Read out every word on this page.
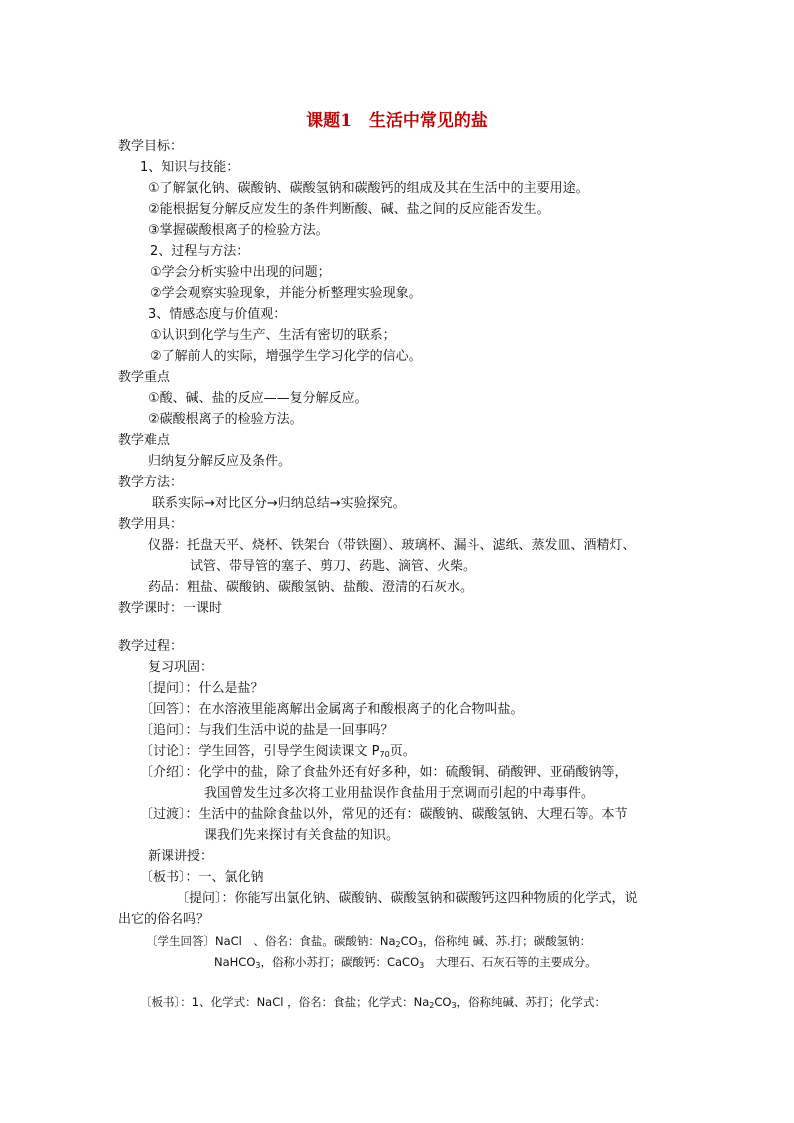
课题1　生活中常见的盐
教学目标：
1、知识与技能：
①了解氯化钠、碳酸钠、碳酸氢钠和碳酸钙的组成及其在生活中的主要用途。
②能根据复分解反应发生的条件判断酸、碱、盐之间的反应能否发生。
③掌握碳酸根离子的检验方法。
2、过程与方法：
①学会分析实验中出现的问题；
②学会观察实验现象，并能分析整理实验现象。
3、情感态度与价值观：
①认识到化学与生产、生活有密切的联系；
②了解前人的实际，增强学生学习化学的信心。
教学重点
①酸、碱、盐的反应——复分解反应。
②碳酸根离子的检验方法。
教学难点
归纳复分解反应及条件。
教学方法：
联系实际→对比区分→归纳总结→实验探究。
教学用具：
仪器：托盘天平、烧杯、铁架台（带铁圈）、玻璃杯、漏斗、滤纸、蒸发皿、酒精灯、
试管、带导管的塞子、剪刀、药匙、滴管、火柴。
药品：粗盐、碳酸钠、碳酸氢钠、盐酸、澄清的石灰水。
教学课时：一课时
教学过程：
复习巩固：
〔提问〕：什么是盐？
〔回答〕：在水溶液里能离解出金属离子和酸根离子的化合物叫盐。
〔追问〕：与我们生活中说的盐是一回事吗？
〔讨论〕：学生回答，引导学生阅读课文 $P_{70}$页。
〔介绍〕：化学中的盐，除了食盐外还有好多种，如：硫酸铜、硝酸钾、亚硝酸钠等，
我国曾发生过多次将工业用盐误作食盐用于烹调而引起的中毒事件。
〔过渡〕：生活中的盐除食盐以外，常见的还有：碳酸钠、碳酸氢钠、大理石等。本节
课我们先来探讨有关食盐的知识。
新课讲授：
〔板书〕：一、氯化钠
〔提问〕：你能写出氯化钠、碳酸钠、碳酸氢钠和碳酸钙这四种物质的化学式，说
出它的俗名吗？
〔学生回答〕NaCl　、俗名：食盐。碳酸钠：$Na_2CO_3$，俗称纯 碱、苏.打；碳酸氢钠：
NaHCO$_3$，俗称小苏打；碳酸钙：CaCO$_3$　大理石、石灰石等的主要成分。
〔板书〕：1、化学式：NaCl ，俗名：食盐；化学式：$Na_2CO_3$，俗称纯碱、苏打；化学式：
